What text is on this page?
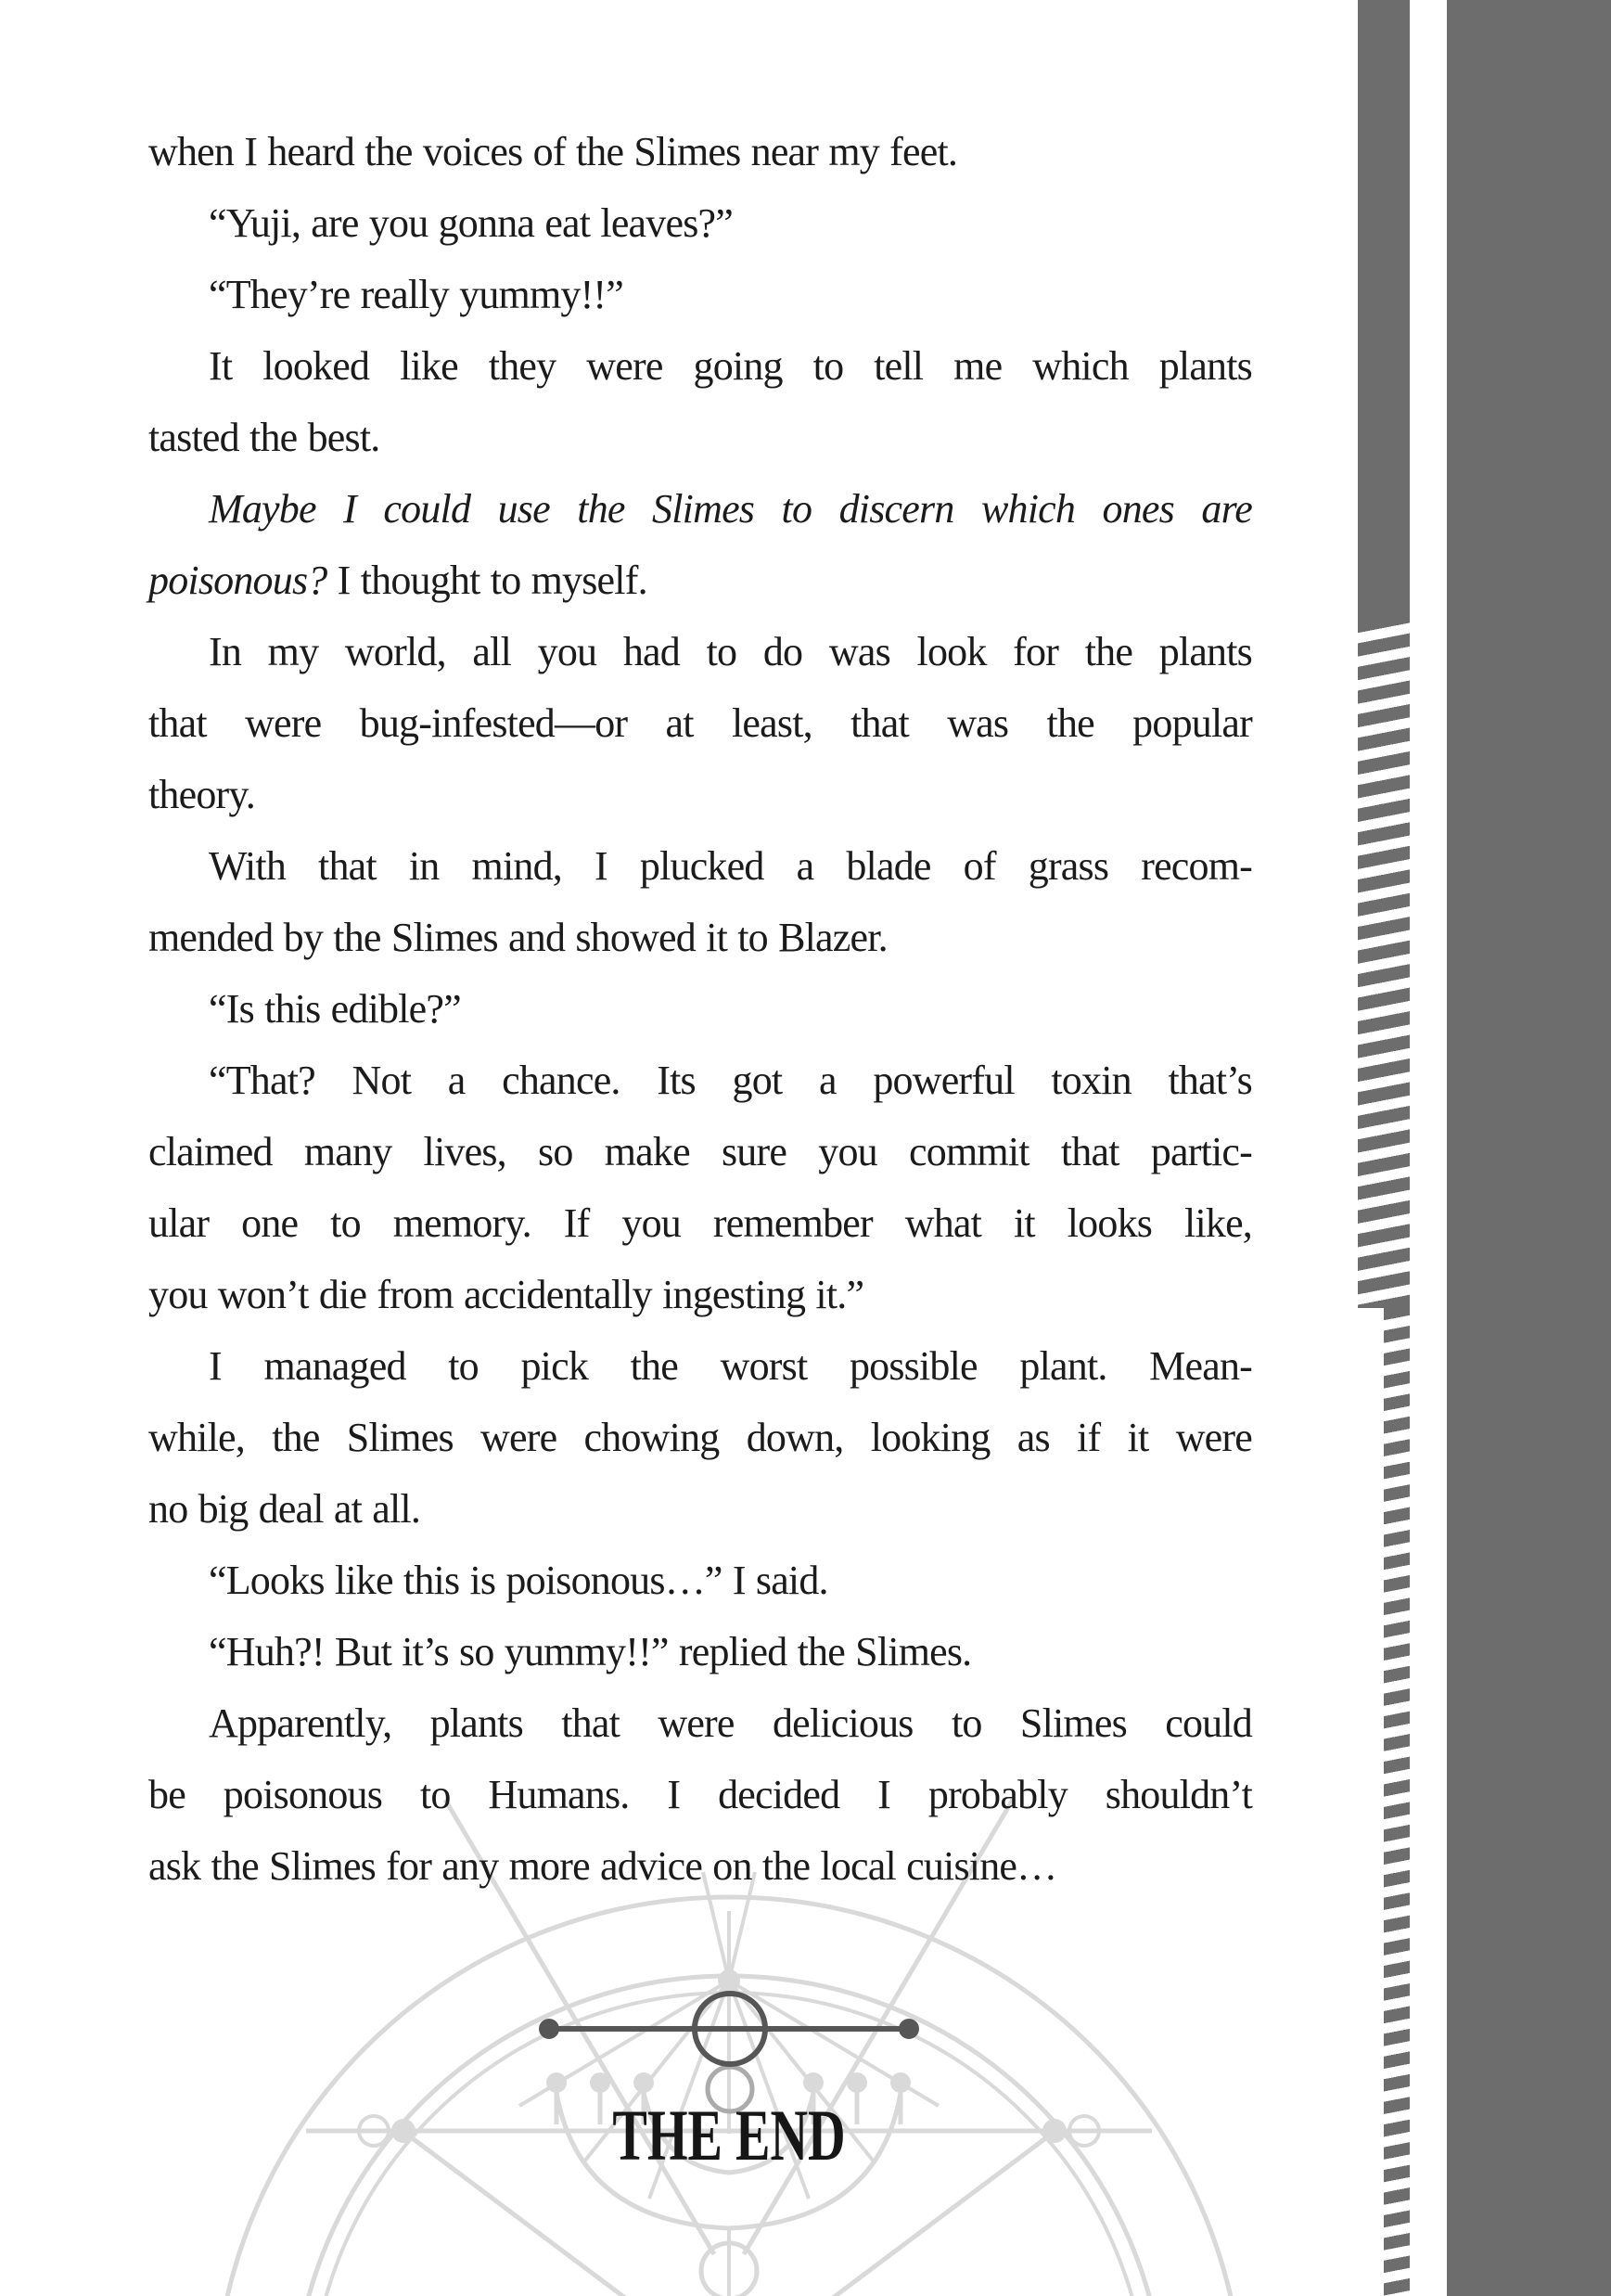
when I heard the voices of the Slimes near my feet.
“Yuji, are you gonna eat leaves?”
“They’re really yummy!!”
It looked like they were going to tell me which plants
tasted the best.
Maybe I could use the Slimes to discern which ones are
poisonous? I thought to myself.
In my world, all you had to do was look for the plants
that were bug-infested—or at least, that was the popular
theory.
With that in mind, I plucked a blade of grass recom-
mended by the Slimes and showed it to Blazer.
“Is this edible?”
“That? Not a chance. Its got a powerful toxin that’s
claimed many lives, so make sure you commit that partic-
ular one to memory. If you remember what it looks like,
you won’t die from accidentally ingesting it.”
I managed to pick the worst possible plant. Mean-
while, the Slimes were chowing down, looking as if it were
no big deal at all.
“Looks like this is poisonous…” I said.
“Huh?! But it’s so yummy!!” replied the Slimes.
Apparently, plants that were delicious to Slimes could
be poisonous to Humans. I decided I probably shouldn’t
ask the Slimes for any more advice on the local cuisine…
THE END
